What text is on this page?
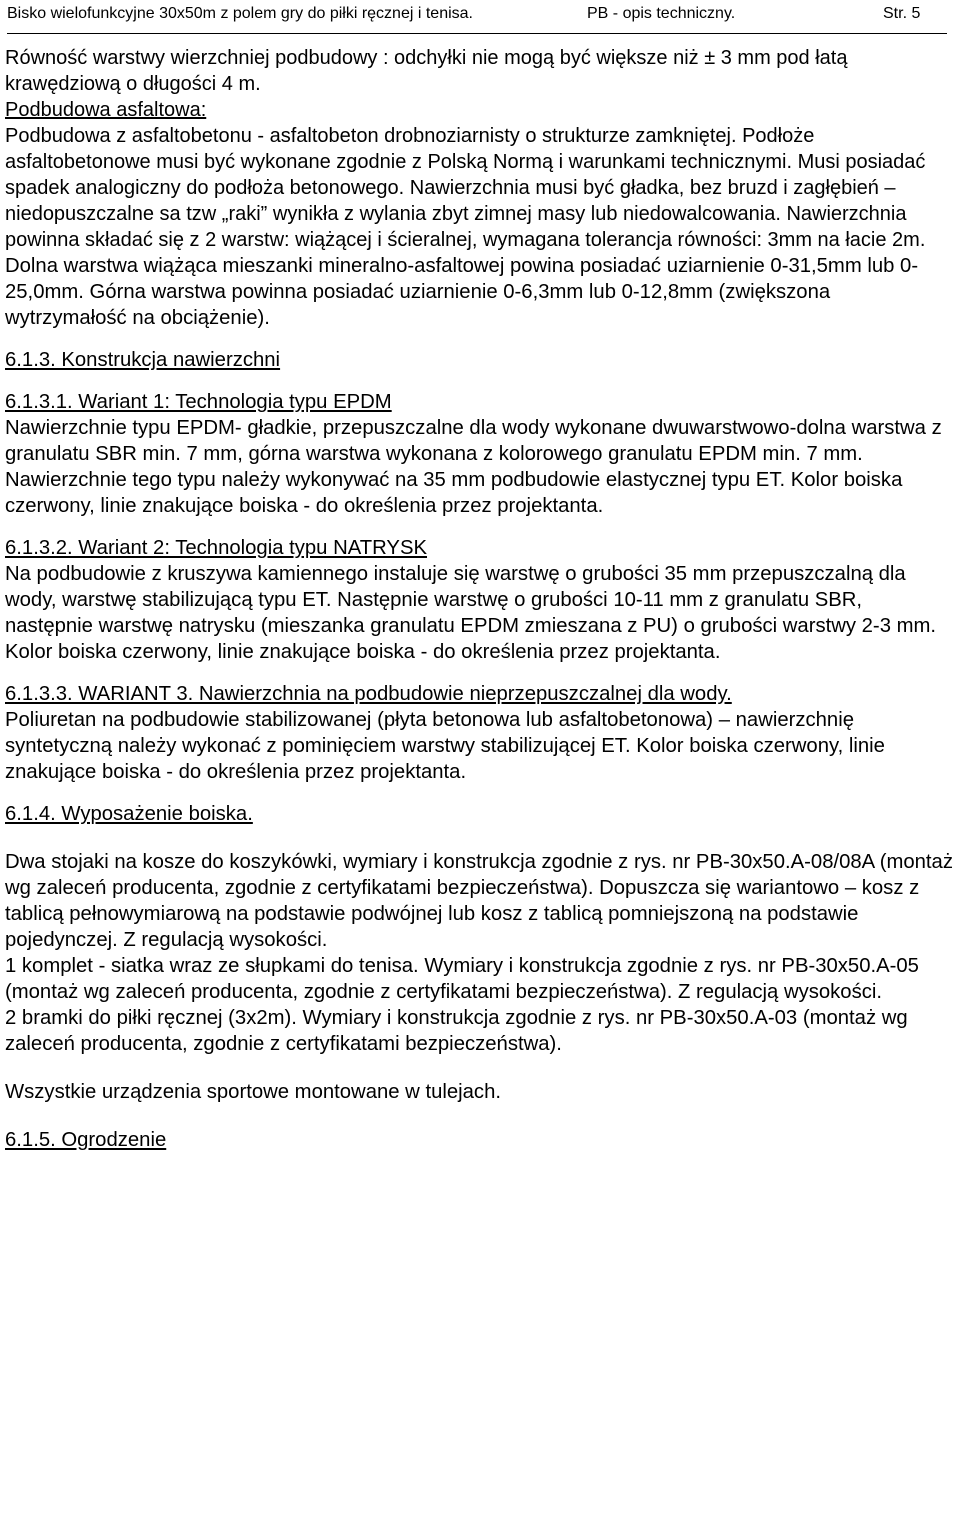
Bisko wielofunkcyjne 30x50m z polem gry do piłki ręcznej i tenisa.	PB - opis techniczny.	Str. 5

Równość warstwy wierzchniej podbudowy : odchyłki nie mogą być większe niż ± 3 mm pod łatą krawędziową o długości 4 m.

Podbudowa asfaltowa:

Podbudowa z asfaltobetonu - asfaltobeton drobnoziarnisty o strukturze zamkniętej. Podłoże asfaltobetonowe musi być wykonane zgodnie z Polską Normą i warunkami technicznymi. Musi posiadać spadek analogiczny do podłoża betonowego. Nawierzchnia musi być gładka, bez bruzd i zagłębień – niedopuszczalne sa tzw „raki” wynikła z wylania zbyt zimnej masy lub niedowalcowania. Nawierzchnia powinna składać się z 2 warstw: wiążącej i ścieralnej, wymagana tolerancja równości: 3mm na łacie 2m.

Dolna warstwa wiążąca mieszanki mineralno-asfaltowej powina posiadać uziarnienie 0-31,5mm lub 0-25,0mm. Górna warstwa powinna posiadać uziarnienie 0-6,3mm lub 0-12,8mm (zwiększona wytrzymałość na obciążenie).

6.1.3. Konstrukcja nawierzchni

6.1.3.1. Wariant 1: Technologia typu EPDM

Nawierzchnie typu EPDM- gładkie, przepuszczalne dla wody wykonane dwuwarstwowo-dolna warstwa z granulatu SBR min. 7 mm, górna warstwa wykonana z kolorowego granulatu EPDM min. 7 mm. Nawierzchnie tego typu należy wykonywać na 35 mm podbudowie elastycznej typu ET. Kolor boiska czerwony, linie znakujące boiska - do określenia przez projektanta.

6.1.3.2. Wariant 2: Technologia typu NATRYSK

Na podbudowie z kruszywa kamiennego instaluje się warstwę o grubości 35 mm przepuszczalną dla wody, warstwę stabilizującą typu ET. Następnie warstwę o grubości 10-11 mm z granulatu SBR, następnie warstwę natrysku (mieszanka granulatu EPDM zmieszana z PU) o grubości warstwy 2-3 mm. Kolor boiska czerwony, linie znakujące boiska - do określenia przez projektanta.

6.1.3.3. WARIANT 3. Nawierzchnia na podbudowie nieprzepuszczalnej dla wody.

Poliuretan na podbudowie stabilizowanej (płyta betonowa lub asfaltobetonowa) – nawierzchnię syntetyczną należy wykonać z pominięciem warstwy stabilizującej ET. Kolor boiska czerwony, linie znakujące boiska - do określenia przez projektanta.

6.1.4. Wyposażenie boiska.

Dwa stojaki na kosze do koszykówki, wymiary i konstrukcja zgodnie z rys. nr PB-30x50.A-08/08A (montaż wg zaleceń producenta, zgodnie z certyfikatami bezpieczeństwa). Dopuszcza się wariantowo – kosz z tablicą pełnowymiarową na podstawie podwójnej lub kosz z tablicą pomniejszoną na podstawie pojedynczej. Z regulacją wysokości.

1 komplet - siatka wraz ze słupkami do tenisa. Wymiary i konstrukcja zgodnie z rys. nr PB-30x50.A-05 (montaż wg zaleceń producenta, zgodnie z certyfikatami bezpieczeństwa). Z regulacją wysokości.

2 bramki do piłki ręcznej (3x2m). Wymiary i konstrukcja zgodnie z rys. nr PB-30x50.A-03 (montaż wg zaleceń producenta, zgodnie z certyfikatami bezpieczeństwa).

Wszystkie urządzenia sportowe montowane w tulejach.

6.1.5. Ogrodzenie
